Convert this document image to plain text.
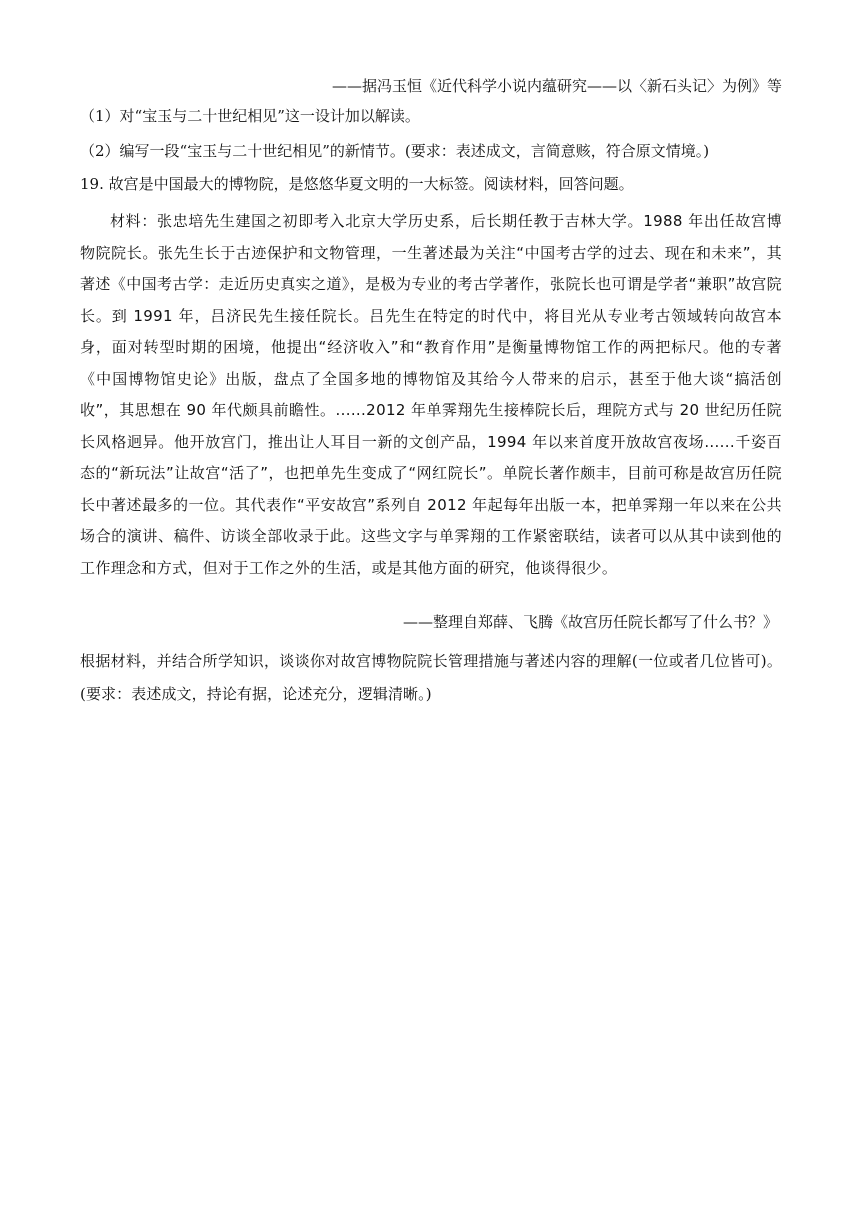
——据冯玉恒《近代科学小说内蕴研究——以〈新石头记〉为例》等
（1）对“宝玉与二十世纪相见”这一设计加以解读。
（2）编写一段“宝玉与二十世纪相见”的新情节。(要求：表述成文，言简意赅，符合原文情境。)
19. 故宫是中国最大的博物院，是悠悠华夏文明的一大标签。阅读材料，回答问题。
材料：张忠培先生建国之初即考入北京大学历史系，后长期任教于吉林大学。1988 年出任故宫博物院院长。张先生长于古迹保护和文物管理，一生著述最为关注“中国考古学的过去、现在和未来”，其著述《中国考古学：走近历史真实之道》，是极为专业的考古学著作，张院长也可谓是学者“兼职”故宫院长。到 1991 年，吕济民先生接任院长。吕先生在特定的时代中，将目光从专业考古领域转向故宫本身，面对转型时期的困境，他提出“经济收入”和“教育作用”是衡量博物馆工作的两把标尺。他的专著《中国博物馆史论》出版，盘点了全国多地的博物馆及其给今人带来的启示，甚至于他大谈“搞活创收”，其思想在 90 年代颇具前瞻性。......2012 年单霁翔先生接棒院长后，理院方式与 20 世纪历任院长风格迥异。他开放宫门，推出让人耳目一新的文创产品，1994 年以来首度开放故宫夜场......千姿百态的“新玩法”让故宫“活了”，也把单先生变成了“网红院长”。单院长著作颇丰，目前可称是故宫历任院长中著述最多的一位。其代表作“平安故宫”系列自 2012 年起每年出版一本，把单霁翔一年以来在公共场合的演讲、稿件、访谈全部收录于此。这些文字与单霁翔的工作紧密联结，读者可以从其中读到他的工作理念和方式，但对于工作之外的生活，或是其他方面的研究，他谈得很少。
——整理自郑薛、飞腾《故宫历任院长都写了什么书？》
根据材料，并结合所学知识，谈谈你对故宫博物院院长管理措施与著述内容的理解(一位或者几位皆可)。(要求：表述成文，持论有据，论述充分，逻辑清晰。)
